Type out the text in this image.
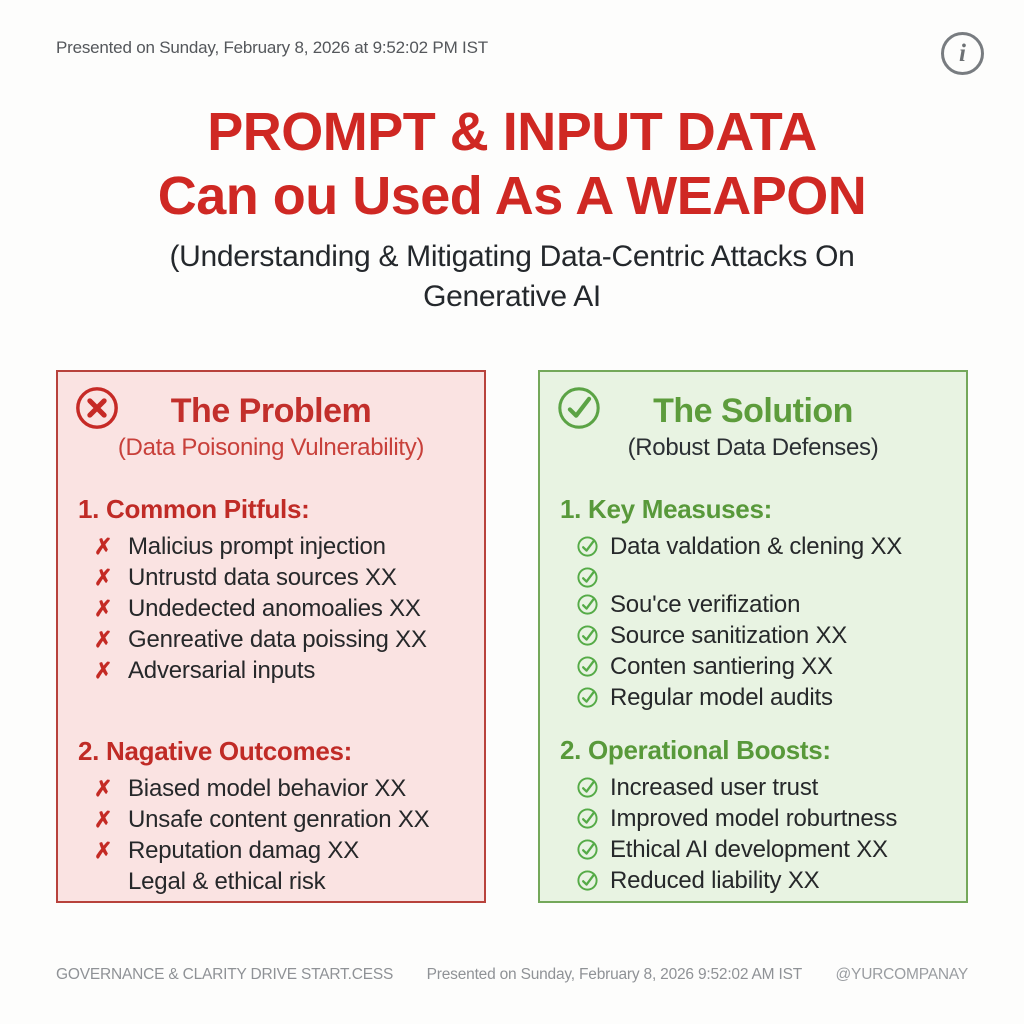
Presented on Sunday, February 8, 2026 at 9:52:02 PM IST	i
PROMPT & INPUT DATA
Can ou Used As A WEAPON
(Understanding & Mitigating Data-Centric Attacks On
Generative AI
The Problem
(Data Poisoning Vulnerability)
1. Common Pitfuls:
✗ Malicius prompt injection
✗ Untrustd data sources XX
✗ Undedected anomoalies XX
✗ Genreative data poissing XX
✗ Adversarial inputs
2. Nagative Outcomes:
✗ Biased model behavior XX
✗ Unsafe content genration XX
✗ Reputation damag XX
Legal & ethical risk
The Solution
(Robust Data Defenses)
1. Key Measuses:
Data valdation & clening XX
Sou'ce verifization
Source sanitization XX
Conten santiering XX
Regular model audits
2. Operational Boosts:
Increased user trust
Improved model roburtness
Ethical AI development XX
Reduced liability XX
GOVERNANCE & CLARITY DRIVE START.CESS Presented on Sunday, February 8, 2026 9:52:02 AM IST @YURCOMPANAY
